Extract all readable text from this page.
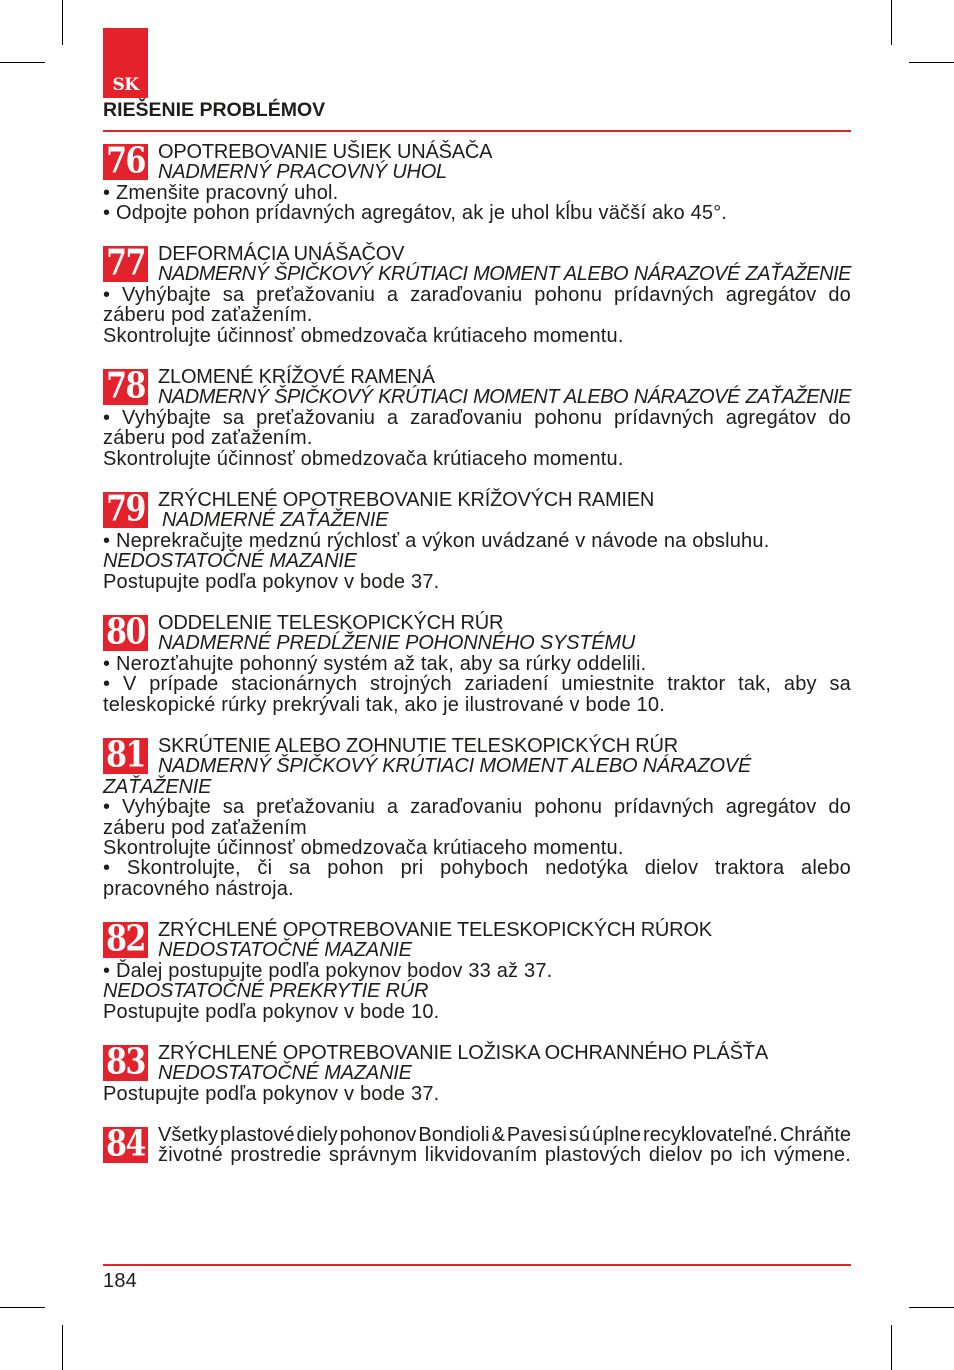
SK
RIEŠENIE PROBLÉMOV
76 OPOTREBOVANIE UŠIEK UNÁŠAČA
NADMERNÝ PRACOVNÝ UHOL
• Zmenšite pracovný uhol.
• Odpojte pohon prídavných agregátov, ak je uhol kĺbu väčší ako 45°.
77 DEFORMÁCIA UNÁŠAČOV
NADMERNÝ ŠPIČKOVÝ KRÚTIACI MOMENT ALEBO NÁRAZOVÉ ZAŤAŽENIE
• Vyhýbajte sa preťažovaniu a zaraďovaniu pohonu prídavných agregátov do
záberu pod zaťažením.
Skontrolujte účinnosť obmedzovača krútiaceho momentu.
78 ZLOMENÉ KRÍŽOVÉ RAMENÁ
NADMERNÝ ŠPIČKOVÝ KRÚTIACI MOMENT ALEBO NÁRAZOVÉ ZAŤAŽENIE
• Vyhýbajte sa preťažovaniu a zaraďovaniu pohonu prídavných agregátov do
záberu pod zaťažením.
Skontrolujte účinnosť obmedzovača krútiaceho momentu.
79 ZRÝCHLENÉ OPOTREBOVANIE KRÍŽOVÝCH RAMIEN
NADMERNÉ ZAŤAŽENIE
• Neprekračujte medznú rýchlosť a výkon uvádzané v návode na obsluhu.
NEDOSTATOČNÉ MAZANIE
Postupujte podľa pokynov v bode 37.
80 ODDELENIE TELESKOPICKÝCH RÚR
NADMERNÉ PREDĹŽENIE POHONNÉHO SYSTÉMU
• Nerozťahujte pohonný systém až tak, aby sa rúrky oddelili.
• V prípade stacionárnych strojných zariadení umiestnite traktor tak, aby sa
teleskopické rúrky prekrývali tak, ako je ilustrované v bode 10.
81 SKRÚTENIE ALEBO ZOHNUTIE TELESKOPICKÝCH RÚR
NADMERNÝ ŠPIČKOVÝ KRÚTIACI MOMENT ALEBO NÁRAZOVÉ
ZAŤAŽENIE
• Vyhýbajte sa preťažovaniu a zaraďovaniu pohonu prídavných agregátov do
záberu pod zaťažením
Skontrolujte účinnosť obmedzovača krútiaceho momentu.
• Skontrolujte, či sa pohon pri pohyboch nedotýka dielov traktora alebo
pracovného nástroja.
82 ZRÝCHLENÉ OPOTREBOVANIE TELESKOPICKÝCH RÚROK
NEDOSTATOČNÉ MAZANIE
• Ďalej postupujte podľa pokynov bodov 33 až 37.
NEDOSTATOČNÉ PREKRYTIE RÚR
Postupujte podľa pokynov v bode 10.
83 ZRÝCHLENÉ OPOTREBOVANIE LOŽISKA OCHRANNÉHO PLÁŠŤA
NEDOSTATOČNÉ MAZANIE
Postupujte podľa pokynov v bode 37.
84 Všetky plastové diely pohonov Bondioli & Pavesi sú úplne recyklovateľné. Chráňte
životné prostredie správnym likvidovaním plastových dielov po ich výmene.
184
